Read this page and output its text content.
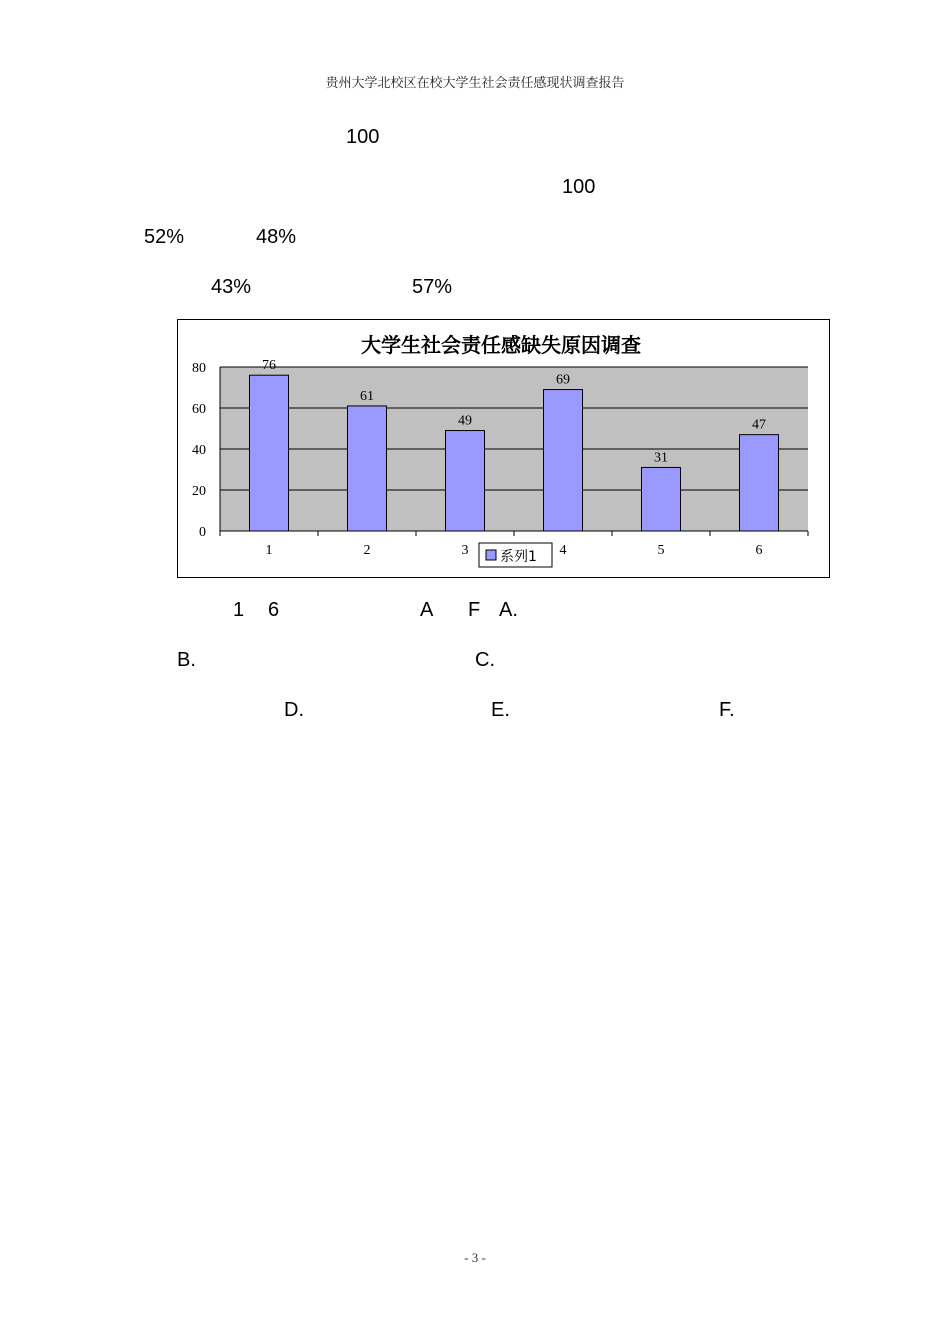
贵州大学北校区在校大学生社会责任感现状调查报告
100
100
52%	48%
43%	57%
大学生社会责任感缺失原因调查
0
20
40
60
80	76
1
61
2
49
3
69
4
31
5
47
6
系列1
1 6	A F A.
B.	C.
D.	E.	F.
- 3 -
